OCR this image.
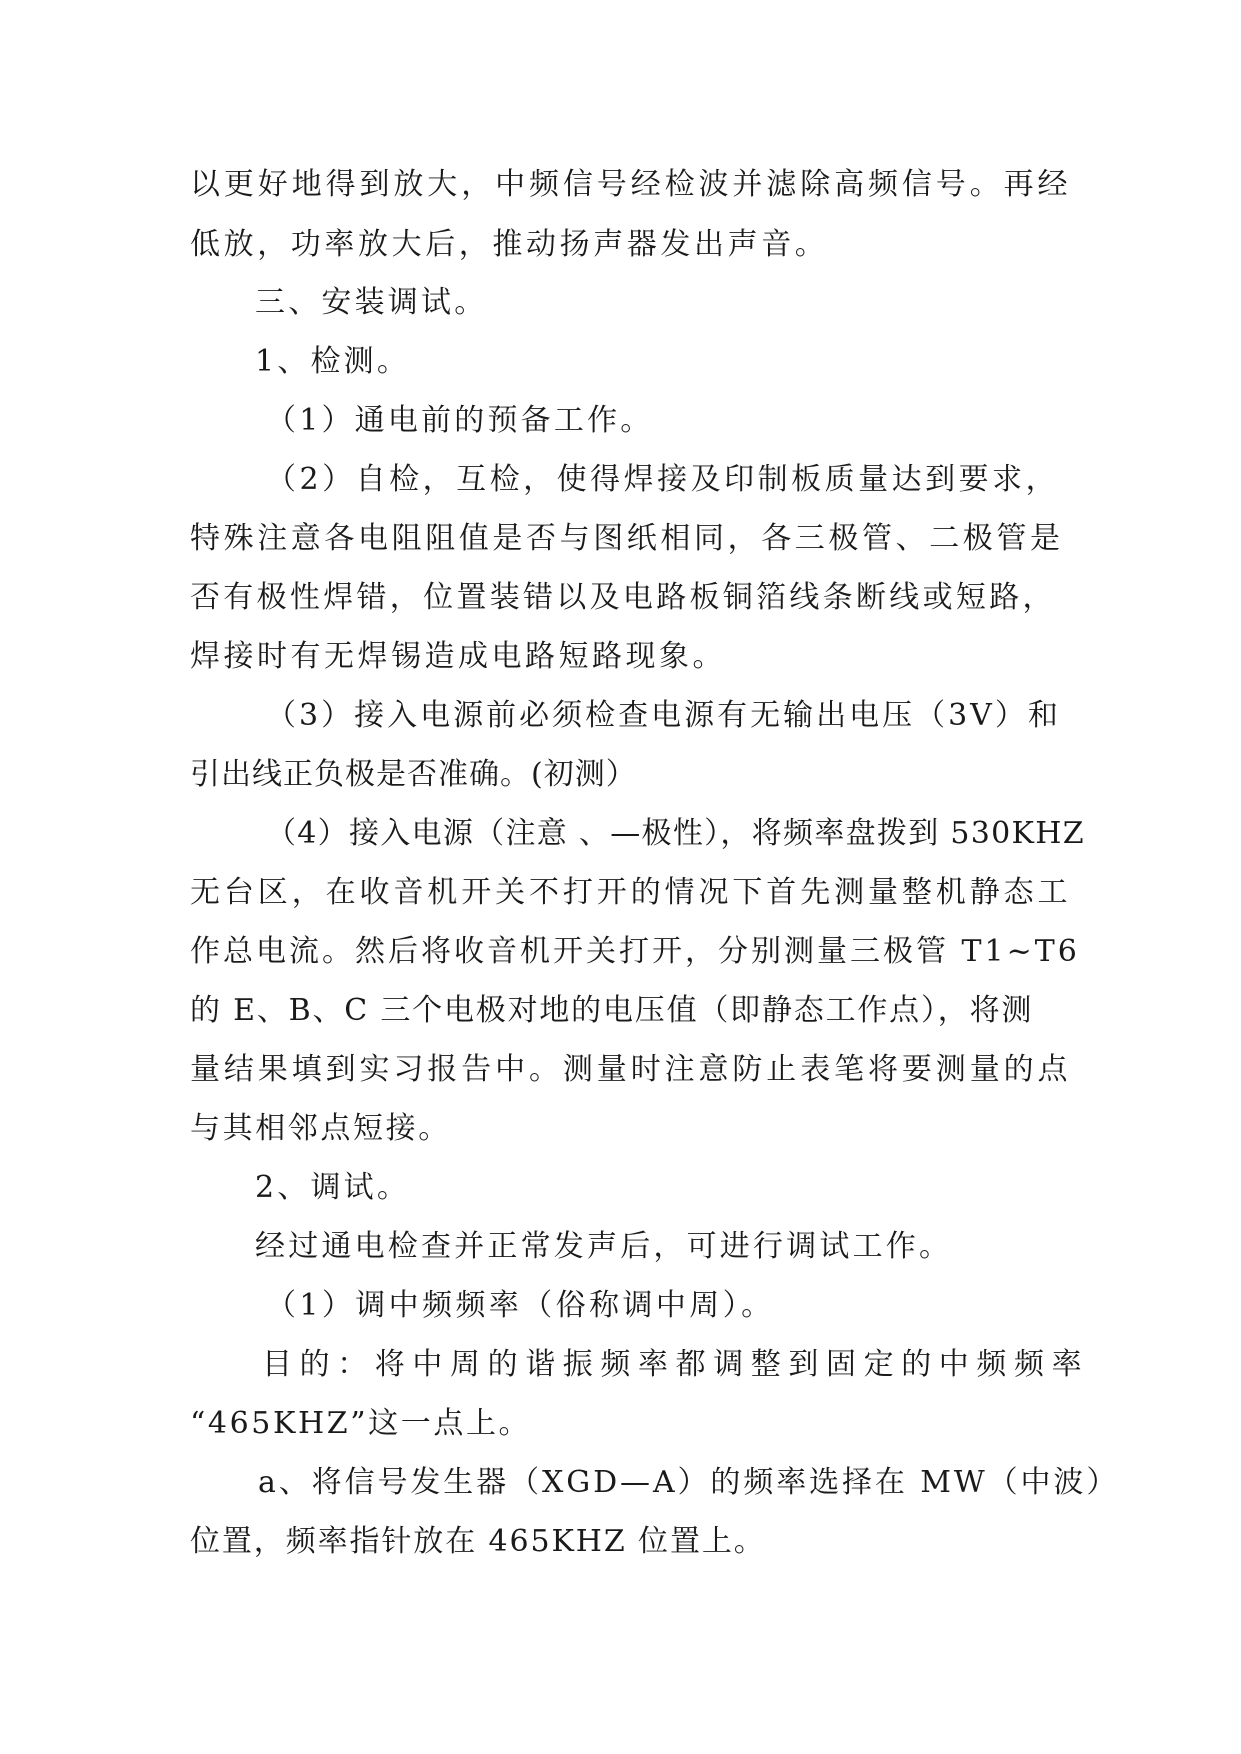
以更好地得到放大，中频信号经检波并滤除高频信号。再经
低放，功率放大后，推动扬声器发出声音。
三、安装调试。
1、检测。
（1）通电前的预备工作。
（2）自检，互检，使得焊接及印制板质量达到要求，
特殊注意各电阻阻值是否与图纸相同，各三极管、二极管是
否有极性焊错，位置装错以及电路板铜箔线条断线或短路，
焊接时有无焊锡造成电路短路现象。
（3）接入电源前必须检查电源有无输出电压（3V）和
引出线正负极是否准确。(初测）
（4）接入电源（注意 、—极性），将频率盘拨到 530KHZ
无台区，在收音机开关不打开的情况下首先测量整机静态工
作总电流。然后将收音机开关打开，分别测量三极管 T1~T6
的 E、B、C 三个电极对地的电压值（即静态工作点），将测
量结果填到实习报告中。测量时注意防止表笔将要测量的点
与其相邻点短接。
2、调试。
经过通电检查并正常发声后，可进行调试工作。
（1）调中频频率（俗称调中周）。
目的：将中周的谐振频率都调整到固定的中频频率
“465KHZ”这一点上。
a、将信号发生器（XGD—A）的频率选择在 MW（中波）
位置，频率指针放在 465KHZ 位置上。
